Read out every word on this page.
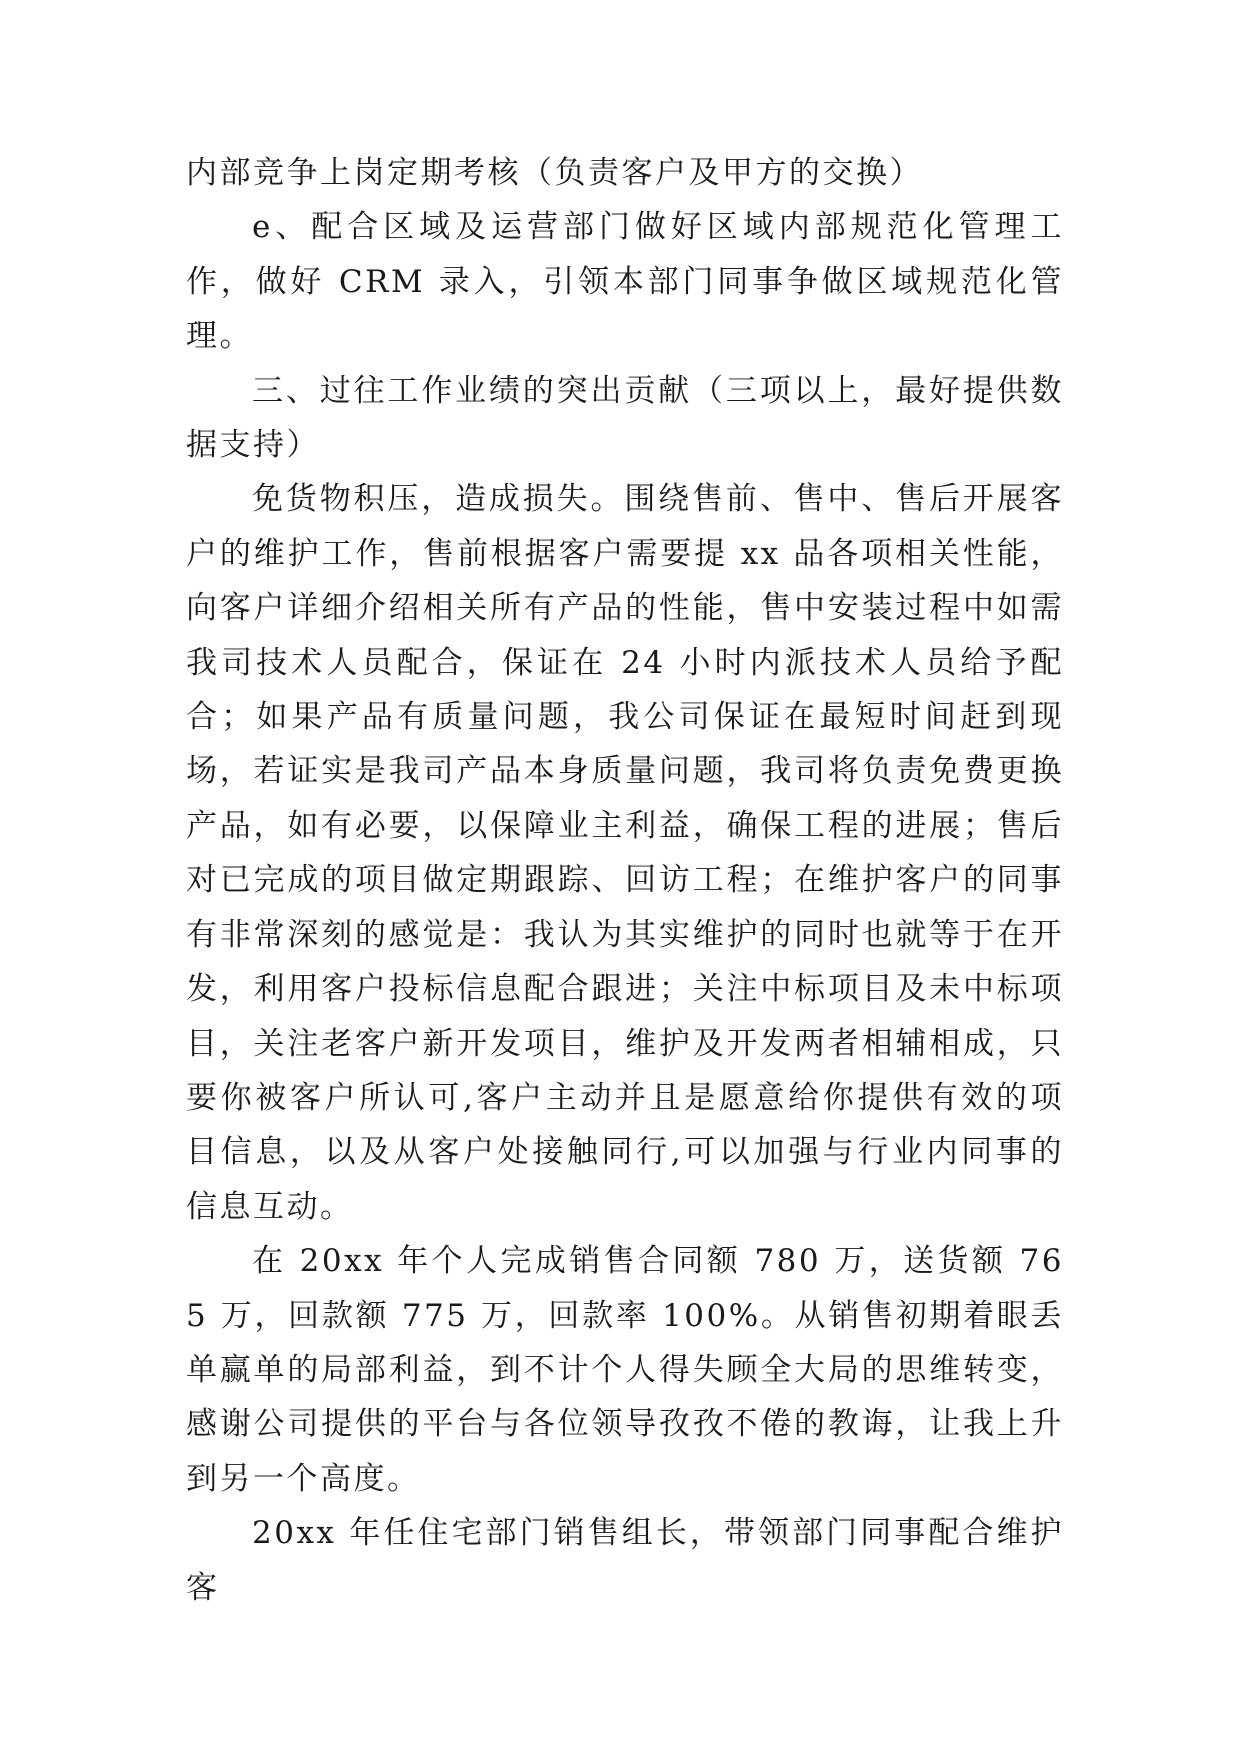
内部竞争上岗定期考核（负责客户及甲方的交换）

e、配合区域及运营部门做好区域内部规范化管理工作，做好 CRM 录入，引领本部门同事争做区域规范化管理。

三、过往工作业绩的突出贡献（三项以上，最好提供数据支持）

免货物积压，造成损失。围绕售前、售中、售后开展客户的维护工作，售前根据客户需要提 xx 品各项相关性能，向客户详细介绍相关所有产品的性能，售中安装过程中如需我司技术人员配合，保证在 24 小时内派技术人员给予配合；如果产品有质量问题，我公司保证在最短时间赶到现场，若证实是我司产品本身质量问题，我司将负责免费更换产品，如有必要，以保障业主利益，确保工程的进展；售后对已完成的项目做定期跟踪、回访工程；在维护客户的同事有非常深刻的感觉是：我认为其实维护的同时也就等于在开发，利用客户投标信息配合跟进；关注中标项目及未中标项目，关注老客户新开发项目，维护及开发两者相辅相成，只要你被客户所认可,客户主动并且是愿意给你提供有效的项目信息，以及从客户处接触同行,可以加强与行业内同事的信息互动。

在 20xx 年个人完成销售合同额 780 万，送货额 765 万，回款额 775 万，回款率 100%。从销售初期着眼丢单赢单的局部利益，到不计个人得失顾全大局的思维转变，感谢公司提供的平台与各位领导孜孜不倦的教诲，让我上升到另一个高度。

20xx 年任住宅部门销售组长，带领部门同事配合维护客
